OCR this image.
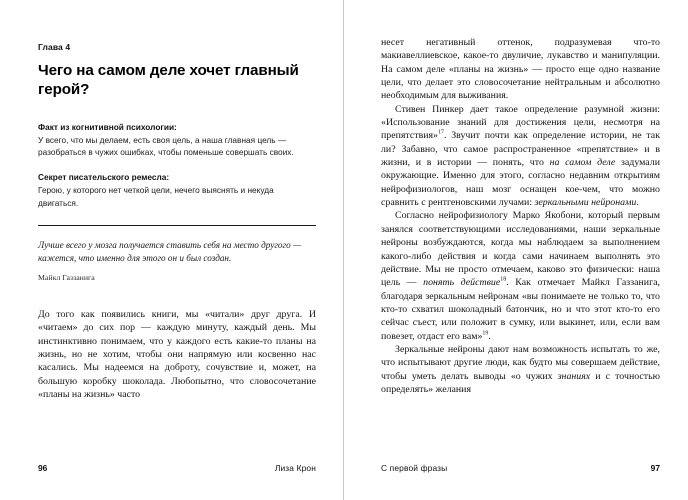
Глава 4

Чего на самом деле хочет главный герой?

Факт из когнитивной психологии:

У всего, что мы делаем, есть своя цель, а наша главная цель — разобраться в чужих ошибках, чтобы поменьше совершать своих.

Секрет писательского ремесла:

Герою, у которого нет четкой цели, нечего выяснять и некуда двигаться.

Лучше всего у мозга получается ставить себя на место другого — кажется, что именно для этого он и был создан.

Майкл Газзанига

До того как появились книги, мы «читали» друг друга. И «читаем» до сих пор — каждую минуту, каждый день. Мы инстинктивно понимаем, что у каждого есть какие-то планы на жизнь, но не хотим, чтобы они напрямую или косвенно нас касались. Мы надеемся на доброту, сочувствие и, может, на большую коробку шоколада. Любопытно, что словосочетание «планы на жизнь» часто

96	Лиза Крон

несет негативный оттенок, подразумевая что-то макиавеллиевское, какое-то двуличие, лукавство и манипуляции. На самом деле «планы на жизнь» — просто еще одно название цели, что делает это словосочетание нейтральным и абсолютно необходимым для выживания.

Стивен Пинкер дает такое определение разумной жизни: «Использование знаний для достижения цели, несмотря на препятствия»$^{17}$. Звучит почти как определение истории, не так ли? Забавно, что самое распространенное «препятствие» и в жизни, и в истории — понять, что на самом деле задумали окружающие. Именно для этого, согласно недавним открытиям нейрофизиологов, наш мозг оснащен кое-чем, что можно сравнить с рентгеновскими лучами: зеркальными нейронами.

Согласно нейрофизиологу Марко Якобони, который первым занялся соответствующими исследованиями, наши зеркальные нейроны возбуждаются, когда мы наблюдаем за выполнением какого-либо действия и когда сами начинаем выполнять это действие. Мы не просто отмечаем, каково это физически: наша цель — понять действие$^{18}$. Как отмечает Майкл Газзанига, благодаря зеркальным нейронам «вы понимаете не только то, что кто-то схватил шоколадный батончик, но и что этот кто-то его сейчас съест, или положит в сумку, или выкинет, или, если вам повезет, отдаст его вам»$^{19}$.

Зеркальные нейроны дают нам возможность испытать то же, что испытывают другие люди, как будто мы совершаем действие, чтобы уметь делать выводы «о чужих знаниях и с точностью определять» желания

С первой фразы	97
